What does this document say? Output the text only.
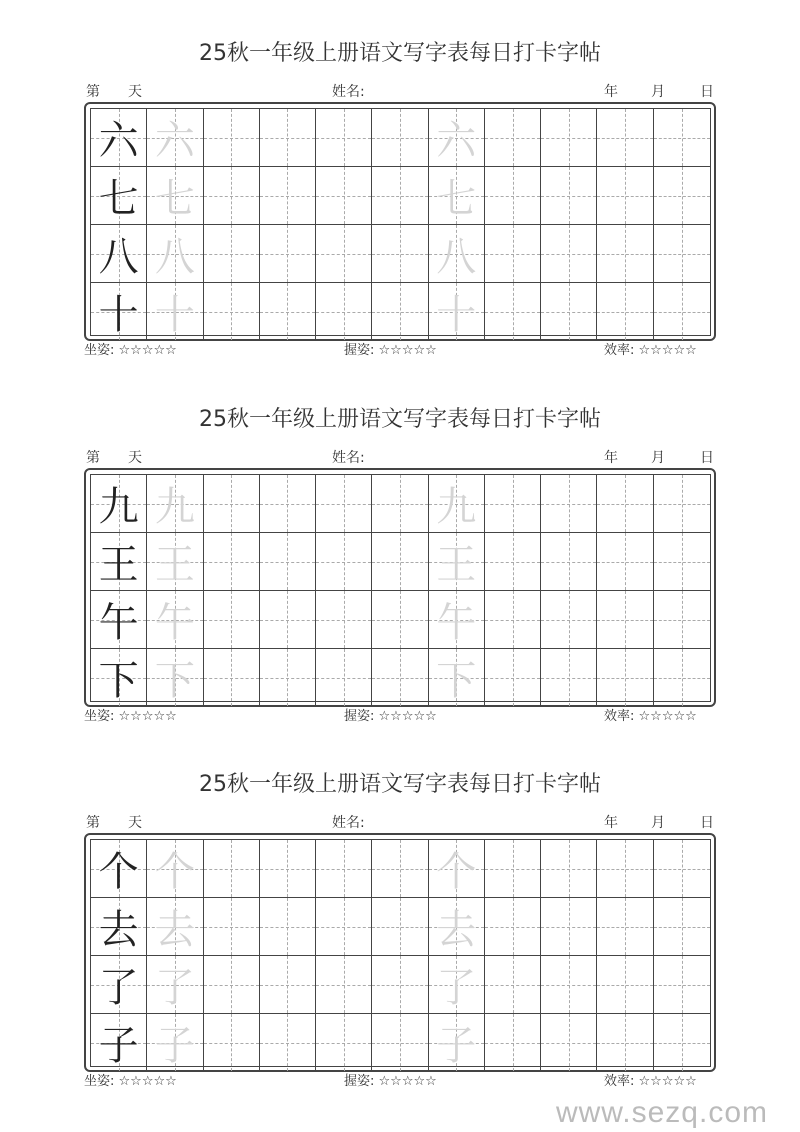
25秋一年级上册语文写字表每日打卡字帖
第 天	姓名:	年 月	日
六 六	六
七 七	七
八 八	八
十 十	十
坐姿: ☆☆☆☆☆	握姿: ☆☆☆☆☆	效率: ☆☆☆☆☆
25秋一年级上册语文写字表每日打卡字帖
第 天	姓名:	年 月	日
九 九	九
王 王	王
午 午	午
下 下	下
坐姿: ☆☆☆☆☆	握姿: ☆☆☆☆☆	效率: ☆☆☆☆☆
25秋一年级上册语文写字表每日打卡字帖
第 天	姓名:	年 月	日
个 个	个
去 去	去
了 了	了
子 子	子
坐姿: ☆☆☆☆☆	握姿: ☆☆☆☆☆	效率: ☆☆☆☆☆
www.sezq.com
